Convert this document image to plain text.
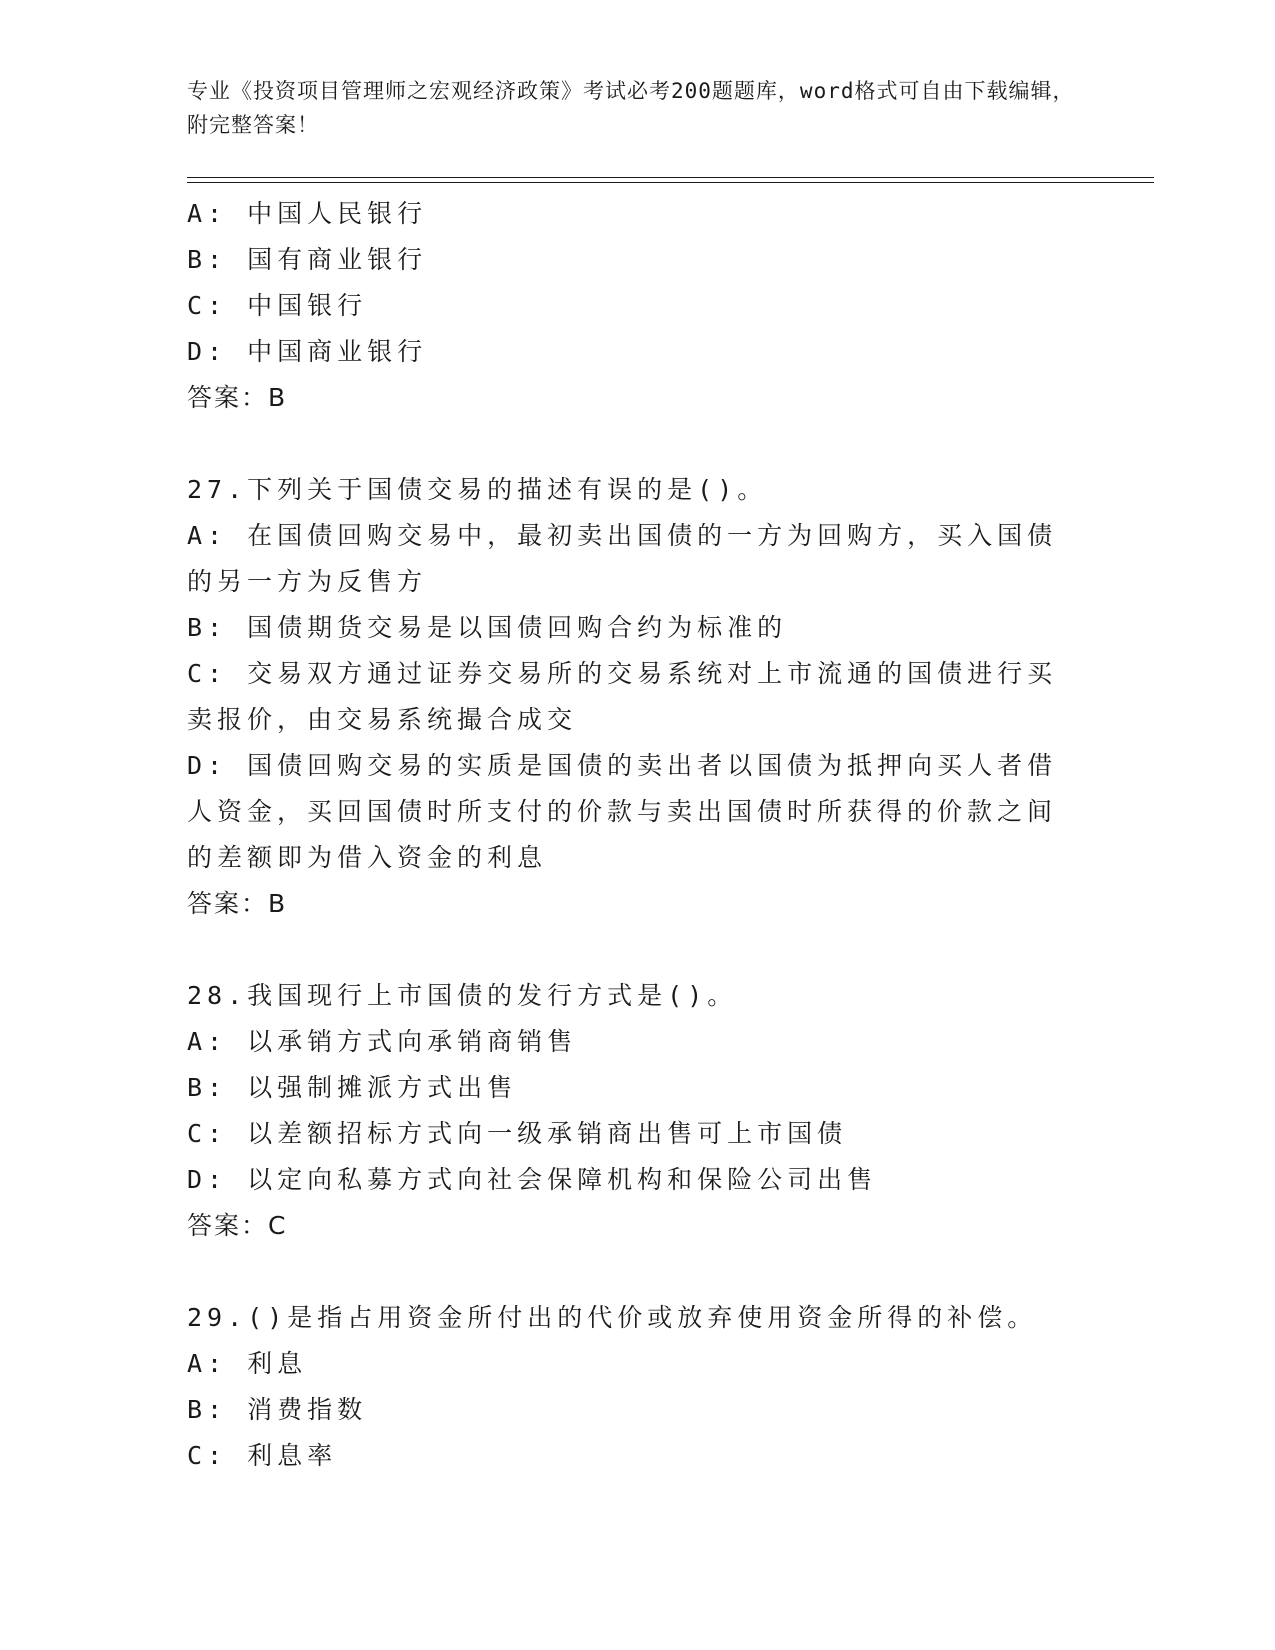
专业《投资项目管理师之宏观经济政策》考试必考200题题库，word格式可自由下载编辑，附完整答案！
A: 中国人民银行
B: 国有商业银行
C: 中国银行
D: 中国商业银行
答案：B
27.下列关于国债交易的描述有误的是()。
A: 在国债回购交易中，最初卖出国债的一方为回购方，买入国债的另一方为反售方
B: 国债期货交易是以国债回购合约为标准的
C: 交易双方通过证券交易所的交易系统对上市流通的国债进行买卖报价，由交易系统撮合成交
D: 国债回购交易的实质是国债的卖出者以国债为抵押向买人者借人资金，买回国债时所支付的价款与卖出国债时所获得的价款之间的差额即为借入资金的利息
答案：B
28.我国现行上市国债的发行方式是()。
A: 以承销方式向承销商销售
B: 以强制摊派方式出售
C: 以差额招标方式向一级承销商出售可上市国债
D: 以定向私募方式向社会保障机构和保险公司出售
答案：C
29.()是指占用资金所付出的代价或放弃使用资金所得的补偿。
A: 利息
B: 消费指数
C: 利息率
